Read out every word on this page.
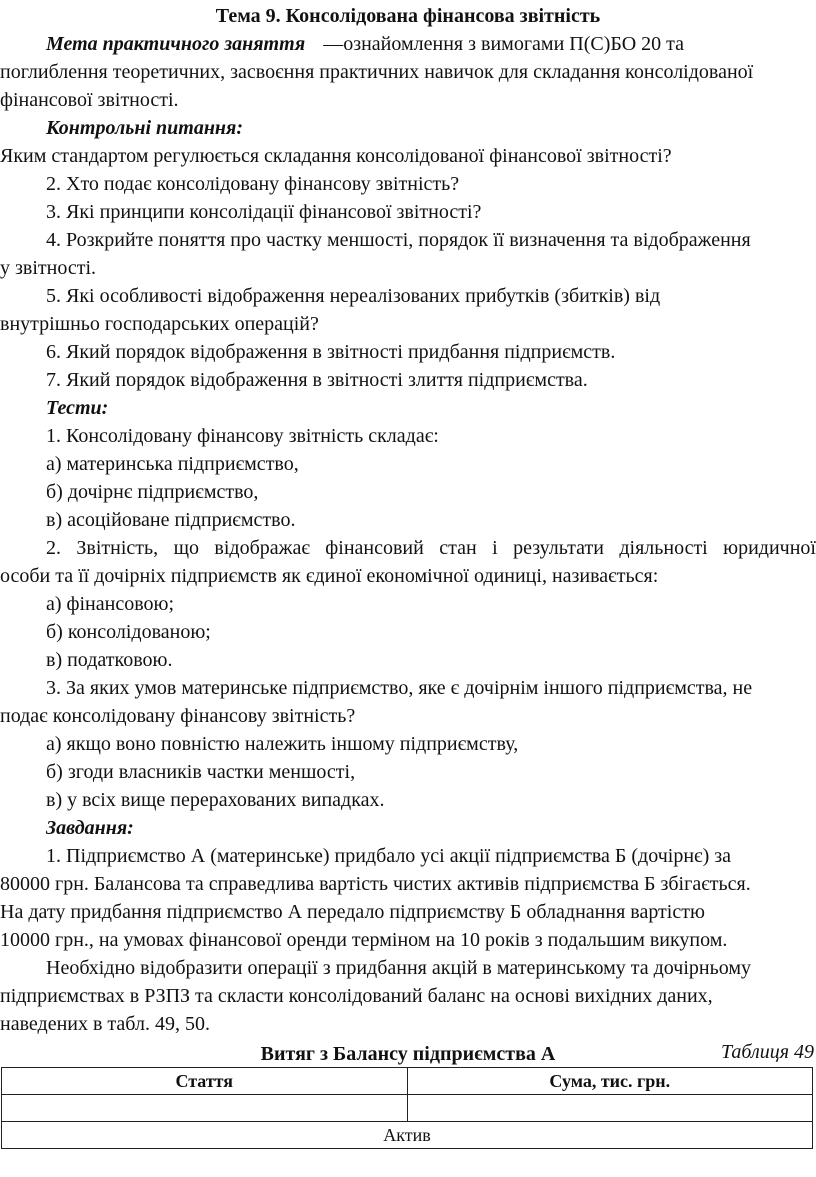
Тема 9. Консолідована фінансова звітність
Мета практичного заняття —ознайомлення з вимогами П(С)БО 20 та
поглиблення теоретичних, засвоєння практичних навичок для складання консолідованої
фінансової звітності.
Контрольні питання:
Яким стандартом регулюється складання консолідованої фінансової звітності?
2. Хто подає консолідовану фінансову звітність?
3. Які принципи консолідації фінансової звітності?
4. Розкрийте поняття про частку меншості, порядок її визначення та відображення
у звітності.
5. Які особливості відображення нереалізованих прибутків (збитків) від
внутрішньо господарських операцій?
6. Який порядок відображення в звітності придбання підприємств.
7. Який порядок відображення в звітності злиття підприємства.
Тести:
1. Консолідовану фінансову звітність складає:
а) материнська підприємство,
б) дочірнє підприємство,
в) асоційоване підприємство.
2. Звітність, що відображає фінансовий стан і результати діяльності юридичної
особи та її дочірніх підприємств як єдиної економічної одиниці, називається:
а) фінансовою;
б) консолідованою;
в) податковою.
3. За яких умов материнське підприємство, яке є дочірнім іншого підприємства, не
подає консолідовану фінансову звітність?
а) якщо воно повністю належить іншому підприємству,
б) згоди власників частки меншості,
в) у всіх вище перерахованих випадках.
Завдання:
1. Підприємство А (материнське) придбало усі акції підприємства Б (дочірнє) за
80000 грн. Балансова та справедлива вартість чистих активів підприємства Б збігається.
На дату придбання підприємство А передало підприємству Б обладнання вартістю
10000 грн., на умовах фінансової оренди терміном на 10 років з подальшим викупом.
Необхідно відобразити операції з придбання акцій в материнському та дочірньому
підприємствах в РЗПЗ та скласти консолідований баланс на основі вихідних даних,
наведених в табл. 49, 50.
Таблиця 49
Витяг з Балансу підприємства А
Стаття	Сума, тис. грн.

Актив	
